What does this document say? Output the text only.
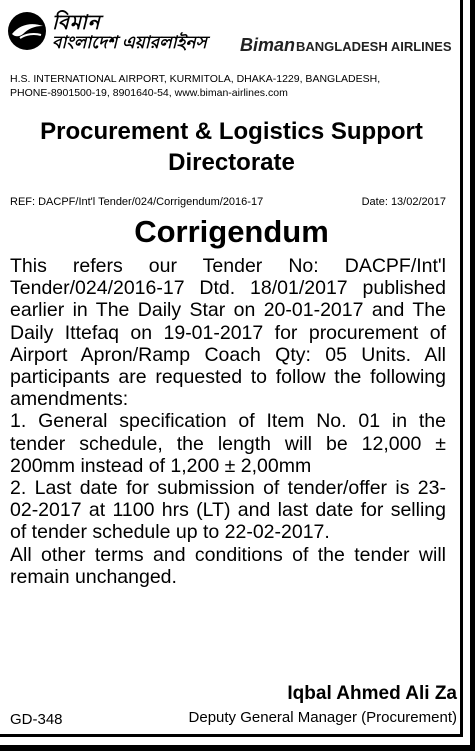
বিমান
বাংলাদেশ এয়ারলাইনস Biman BANGLADESH AIRLINES
H.S. INTERNATIONAL AIRPORT, KURMITOLA, DHAKA-1229, BANGLADESH,
PHONE-8901500-19, 8901640-54, www.biman-airlines.com
Procurement & Logistics Support
Directorate
REF: DACPF/Int'l Tender/024/Corrigendum/2016-17	Date: 13/02/2017
Corrigendum

This refers our Tender No: DACPF/Int'l Tender/024/2016-17 Dtd. 18/01/2017 published earlier in The Daily Star on 20-01-2017 and The Daily Ittefaq on 19-01-2017 for procurement of Airport Apron/Ramp Coach Qty: 05 Units. All participants are requested to follow the following amendments:

1. General specification of Item No. 01 in the tender schedule, the length will be 12,000 ± 200mm instead of 1,200 ± 2,00mm

2. Last date for submission of tender/offer is 23-02-2017 at 1100 hrs (LT) and last date for selling of tender schedule up to 22-02-2017.

All other terms and conditions of the tender will remain unchanged.

Iqbal Ahmed Ali Za
GD-348	Deputy General Manager (Procurement)
